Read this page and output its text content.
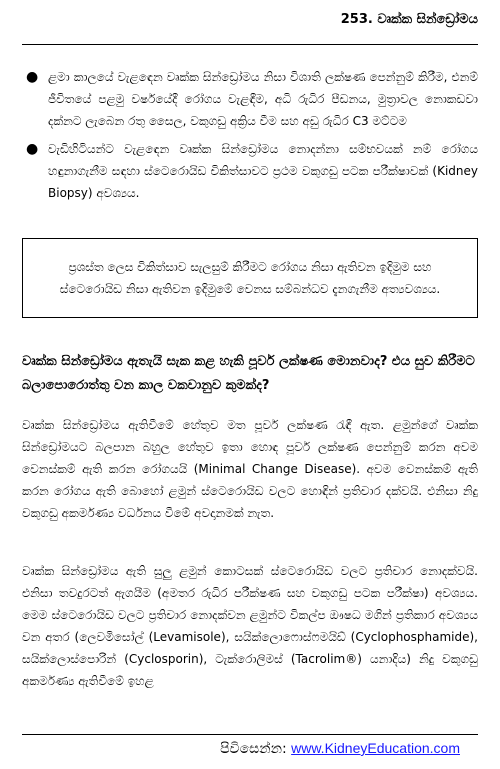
253. වෘක්ක සින්ඩ්‍රෝමය
● ළමා කාලයේ වැළඳෙන වෘක්ක සින්ඩ්‍රෝමය නිසා විශාති ලක්ෂණ පෙන්නුම් කිරීම, එනම් ජීවිතයේ පළමු වර්ෂයේදී රෝගය වැළඳීම, අධි රුධිර පීඩනය, මුත්‍රාවල නොකඩවා දක්නට ලැබෙන රතු සෛල, වකුගඩු අක්‍රිය වීම සහ අඩු රුධිර C3 මට්ටම
● වැඩිහිටියන්ට වැළඳෙන වෘක්ක සින්ඩ්‍රෝමය නොදන්නා සම්භවයක් නම් රෝගය හඳුනාගැනීම සඳහා ස්ටෙරොයිඩ චිකිත්සාවට ප්‍රථම වකුගඩු පටක පරීක්ෂාවක් (Kidney Biopsy) අවශ්‍යය.
ප්‍රශස්ත ලෙස චිකිත්සාව සැලසුම් කිරීමට රෝගය නිසා ඇතිවන ඉදිමුම සහ ස්ටෙරොයිඩ නිසා ඇතිවන ඉදිමුමේ වෙනස සම්බන්ධව දැනගැනීම අත්‍යවශ්‍යය.
වෘක්ක සින්ඩ්‍රෝමය ඇතැයි සැක කළ හැකි පූර්ව ලක්ෂණ මොනවාද? එය සුව කිරීමට බලාපොරොත්තු වන කාල වකවානුව කුමක්ද?
වෘක්ක සින්ඩ්‍රෝමය ඇතිවීමේ හේතුව මත පූර්ව ලක්ෂණ රැඳී ඇත. ළමුන්ගේ වෘක්ක සින්ඩ්‍රෝමයට බලපාන බහුල හේතුව ඉතා හොඳ පූර්ව ලක්ෂණ පෙන්නුම් කරන අවම වෙනස්කම් ඇති කරන රෝගයයි (Minimal Change Disease). අවම වෙනස්කම් ඇති කරන රෝගය ඇති බොහෝ ළමුන් ස්ටෙරොයිඩ වලට හොඳින් ප්‍රතිචාර දක්වයි. එනිසා නිදු වකුගඩු අකර්මණ්‍ය වර්ධනය වීමේ අවදානමක් නැත.
වෘක්ක සින්ඩ්‍රෝමය ඇති සුලු ළමුන් කොටසක් ස්ටෙරොයිඩ වලට ප්‍රතිචාර නොදක්වයි. එනිසා තවදුරටත් ඇගයීම (අමතර රුධිර පරීක්ෂණ සහ වකුගඩු පටක පරීක්ෂා) අවශ්‍යය. මෙම ස්ටෙරොයිඩ වලට ප්‍රතිචාර නොදක්වන ළමුන්ට විකල්ප ඖෂධ මගින් ප්‍රතිකාර අවශ්‍යය වන අතර (ලෙවමිසෝල් (Levamisole), සයික්ලොෆොස්ෆමයිඩ් (Cyclophosphamide), සයික්ලොස්පොරින් (Cyclosporin), ටැක්රොලිමස් (Tacrolim®) යනාදිය) නිදු වකුගඩු අකර්මණ්‍ය ඇතිවීමේ ඉහළ
පිවිසෙන්න: www.KidneyEducation.com
